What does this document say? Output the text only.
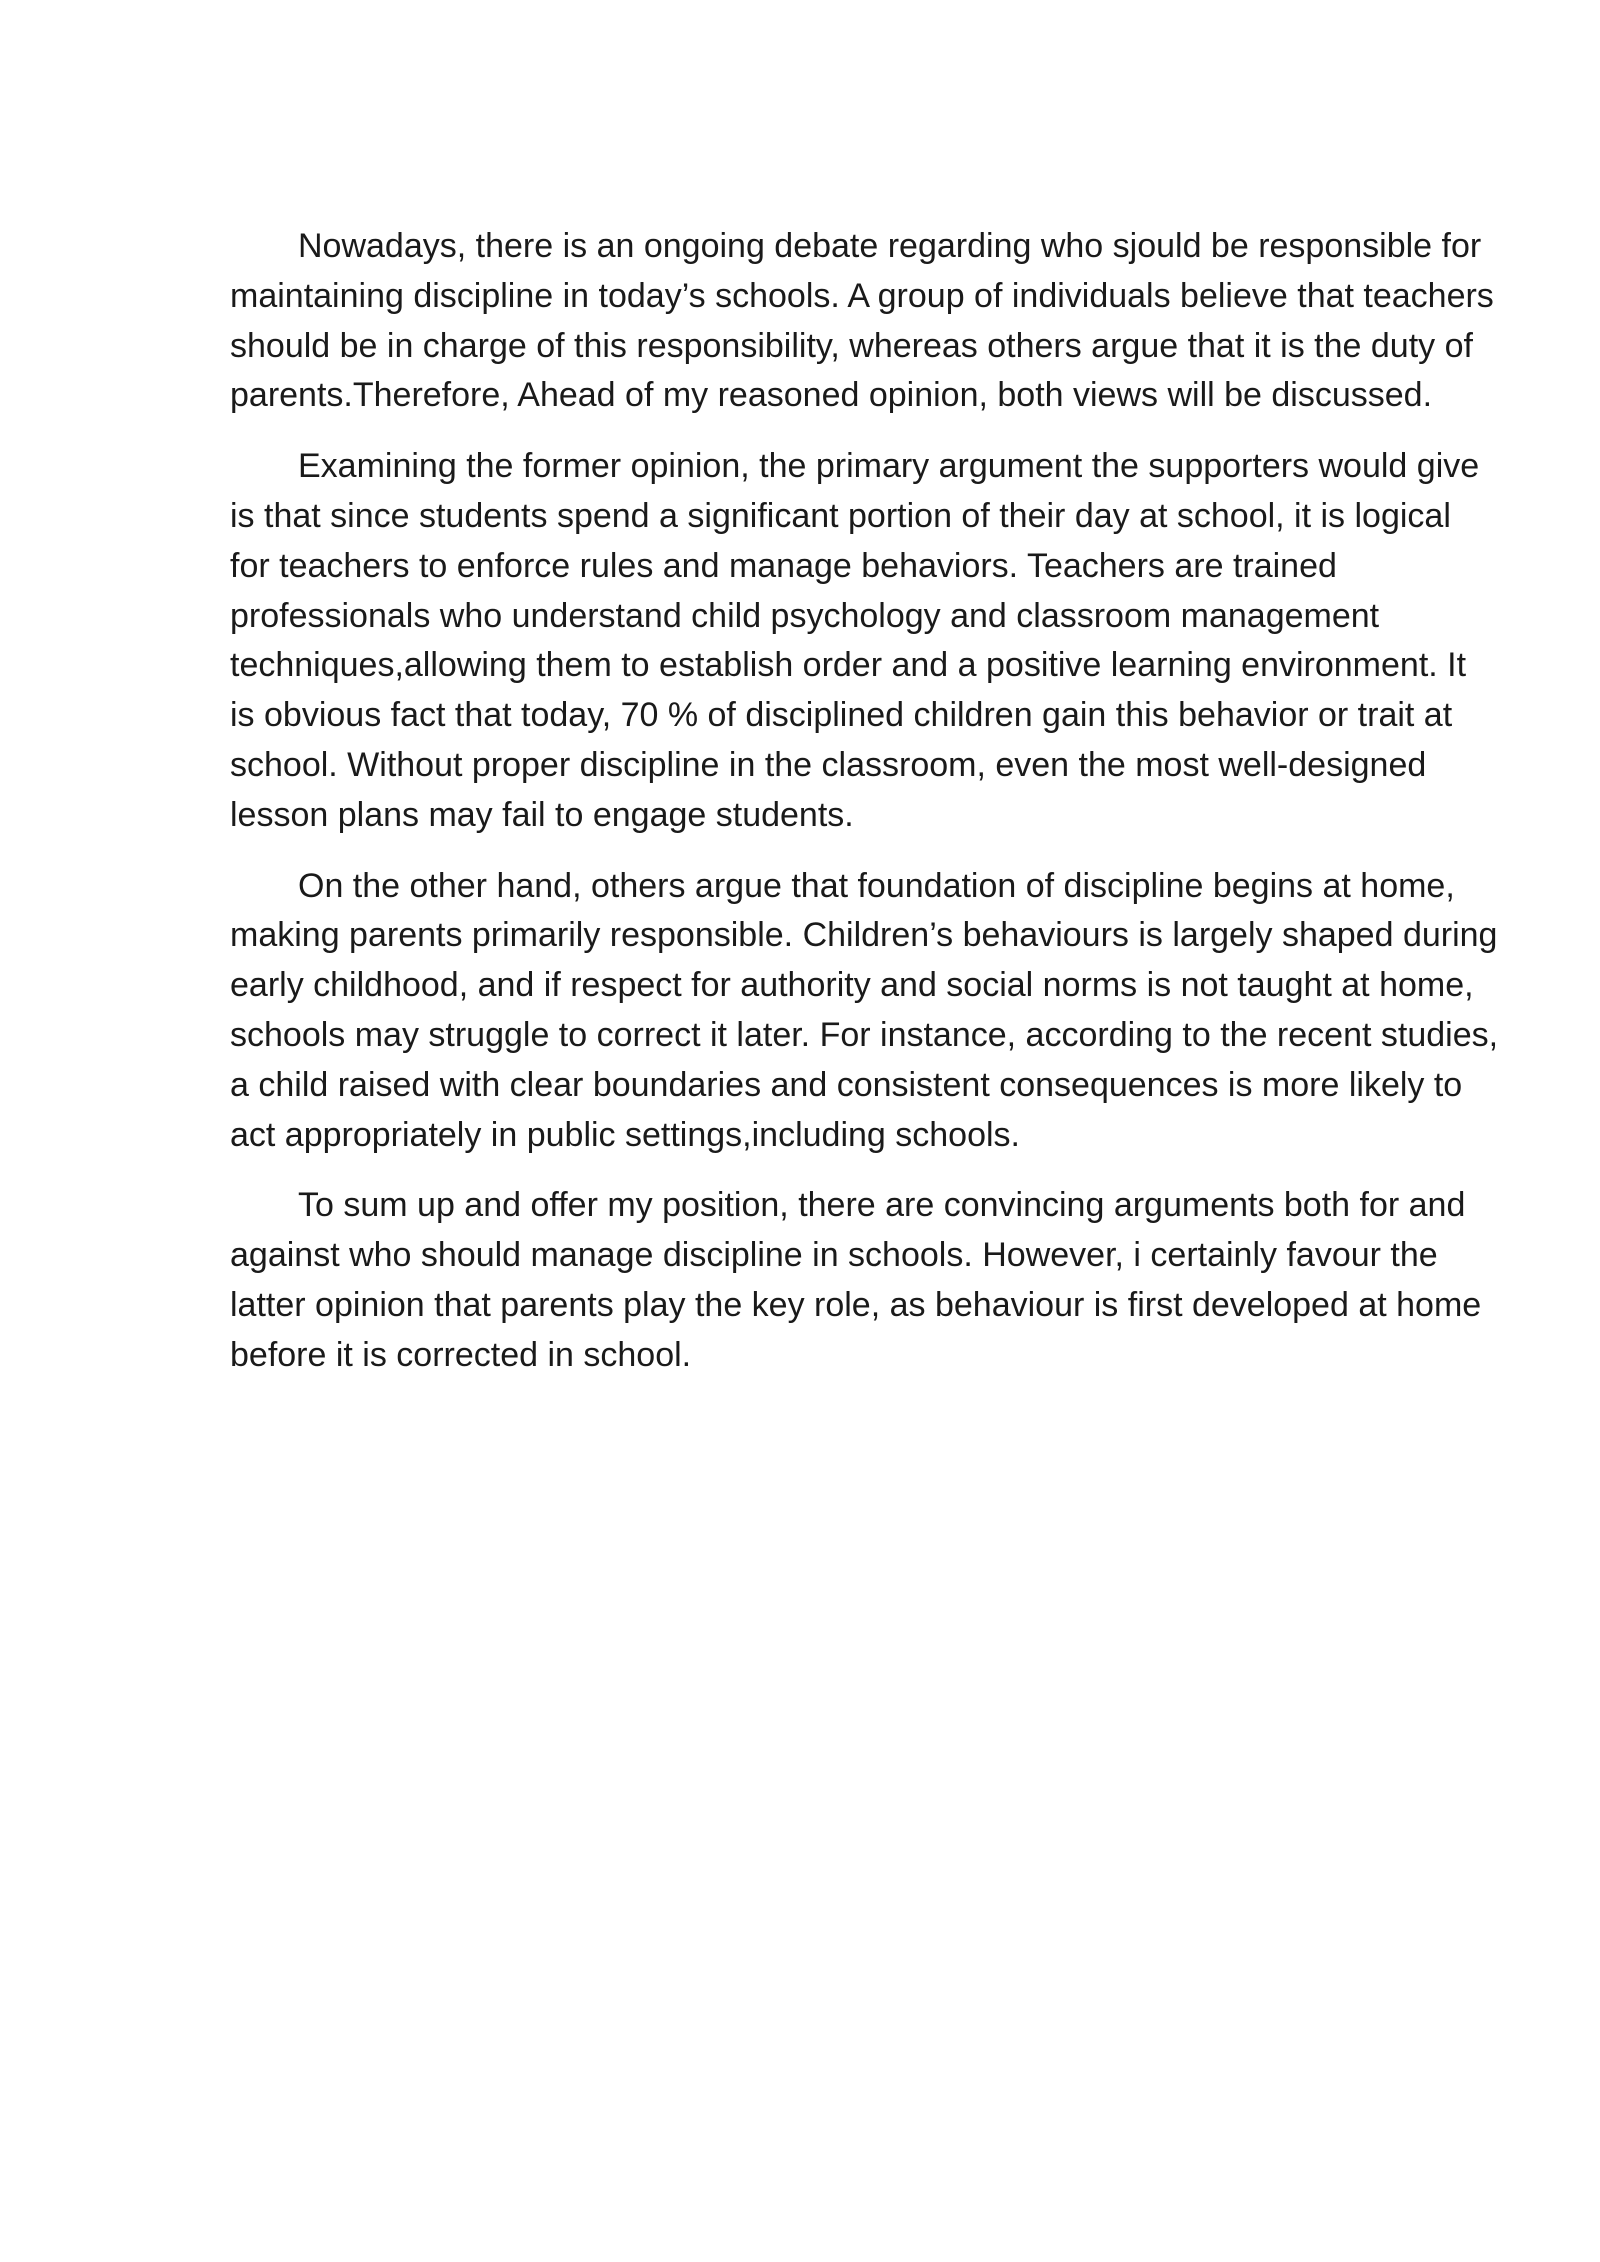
Nowadays, there is an ongoing debate regarding who sjould be responsible for maintaining discipline in today’s schools. A group of individuals believe that teachers should be in charge of this responsibility, whereas others argue that it is the duty of parents.Therefore, Ahead of my reasoned opinion, both views will be discussed.

Examining the former opinion, the primary argument the supporters would give is that since students spend a significant portion of their day at school, it is logical for teachers to enforce rules and manage behaviors. Teachers are trained professionals who understand child psychology and classroom management techniques,allowing them to establish order and a positive learning environment. It is obvious fact that today, 70 % of disciplined children gain this behavior or trait at school. Without proper discipline in the classroom, even the most well-designed lesson plans may fail to engage students.

On the other hand, others argue that foundation of discipline begins at home, making parents primarily responsible. Children’s behaviours is largely shaped during early childhood, and if respect for authority and social norms is not taught at home, schools may struggle to correct it later. For instance, according to the recent studies, a child raised with clear boundaries and consistent consequences is more likely to act appropriately in public settings,including schools.

To sum up and offer my position, there are convincing arguments both for and against who should manage discipline in schools. However, i certainly favour the latter opinion that parents play the key role, as behaviour is first developed at home before it is corrected in school.
